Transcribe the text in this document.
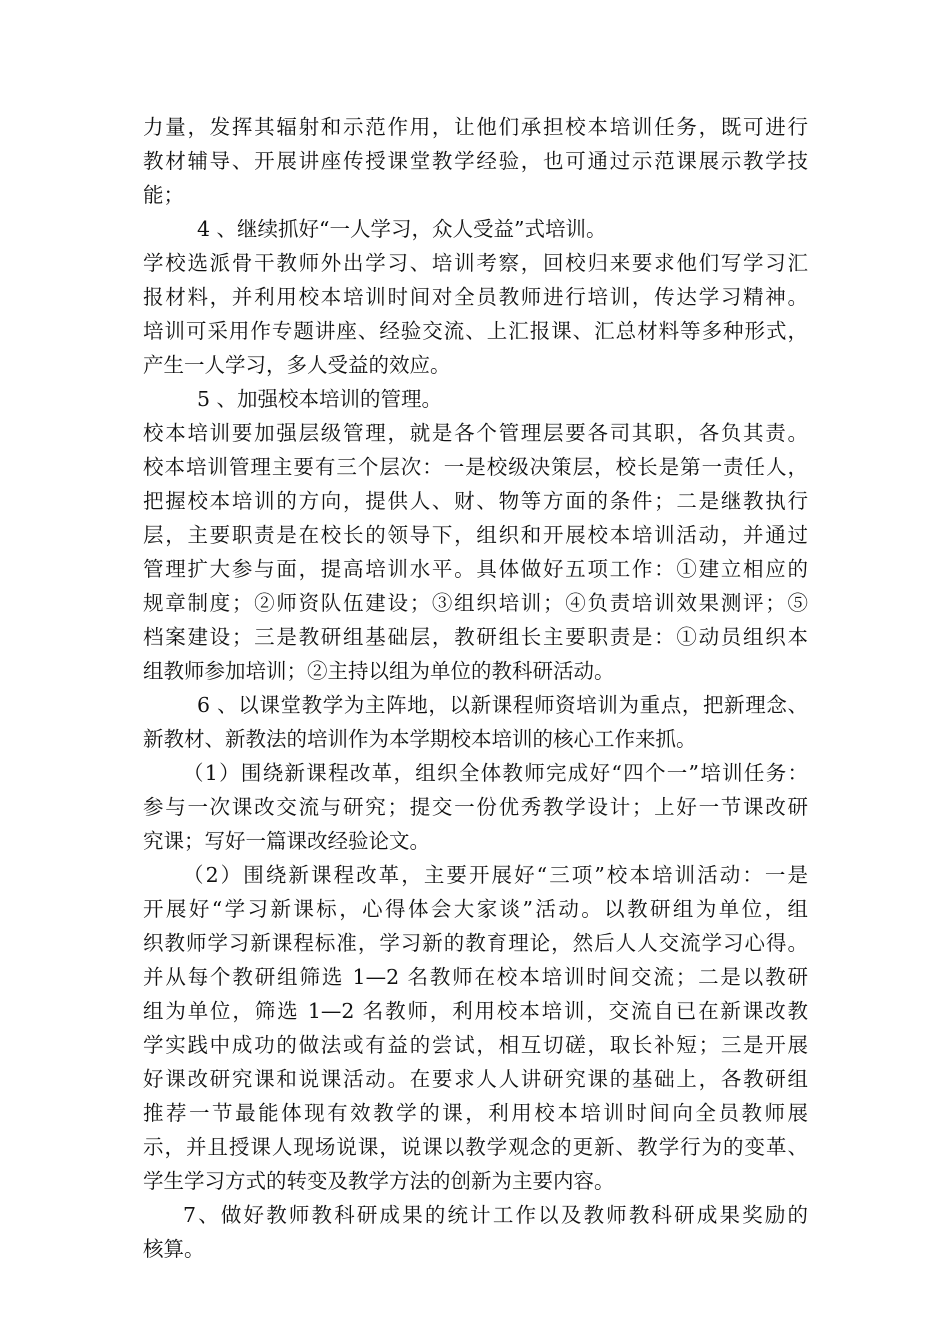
力量，发挥其辐射和示范作用，让他们承担校本培训任务，既可进行
教材辅导、开展讲座传授课堂教学经验，也可通过示范课展示教学技
能；
4 、继续抓好“一人学习，众人受益”式培训。
学校选派骨干教师外出学习、培训考察，回校归来要求他们写学习汇
报材料，并利用校本培训时间对全员教师进行培训，传达学习精神。
培训可采用作专题讲座、经验交流、上汇报课、汇总材料等多种形式，
产生一人学习，多人受益的效应。
5 、加强校本培训的管理。
校本培训要加强层级管理，就是各个管理层要各司其职，各负其责。
校本培训管理主要有三个层次：一是校级决策层，校长是第一责任人，
把握校本培训的方向，提供人、财、物等方面的条件；二是继教执行
层，主要职责是在校长的领导下，组织和开展校本培训活动，并通过
管理扩大参与面，提高培训水平。具体做好五项工作：①建立相应的
规章制度；②师资队伍建设；③组织培训；④负责培训效果测评；⑤
档案建设；三是教研组基础层，教研组长主要职责是：①动员组织本
组教师参加培训；②主持以组为单位的教科研活动。
6 、以课堂教学为主阵地，以新课程师资培训为重点，把新理念、
新教材、新教法的培训作为本学期校本培训的核心工作来抓。
（1）围绕新课程改革，组织全体教师完成好“四个一”培训任务：
参与一次课改交流与研究；提交一份优秀教学设计；上好一节课改研
究课；写好一篇课改经验论文。
（2）围绕新课程改革，主要开展好“三项”校本培训活动：一是
开展好“学习新课标，心得体会大家谈”活动。以教研组为单位，组
织教师学习新课程标准，学习新的教育理论，然后人人交流学习心得。
并从每个教研组筛选 1—2 名教师在校本培训时间交流；二是以教研
组为单位，筛选 1—2 名教师，利用校本培训，交流自已在新课改教
学实践中成功的做法或有益的尝试，相互切磋，取长补短；三是开展
好课改研究课和说课活动。在要求人人讲研究课的基础上，各教研组
推荐一节最能体现有效教学的课，利用校本培训时间向全员教师展
示，并且授课人现场说课，说课以教学观念的更新、教学行为的变革、
学生学习方式的转变及教学方法的创新为主要内容。
7、做好教师教科研成果的统计工作以及教师教科研成果奖励的
核算。
